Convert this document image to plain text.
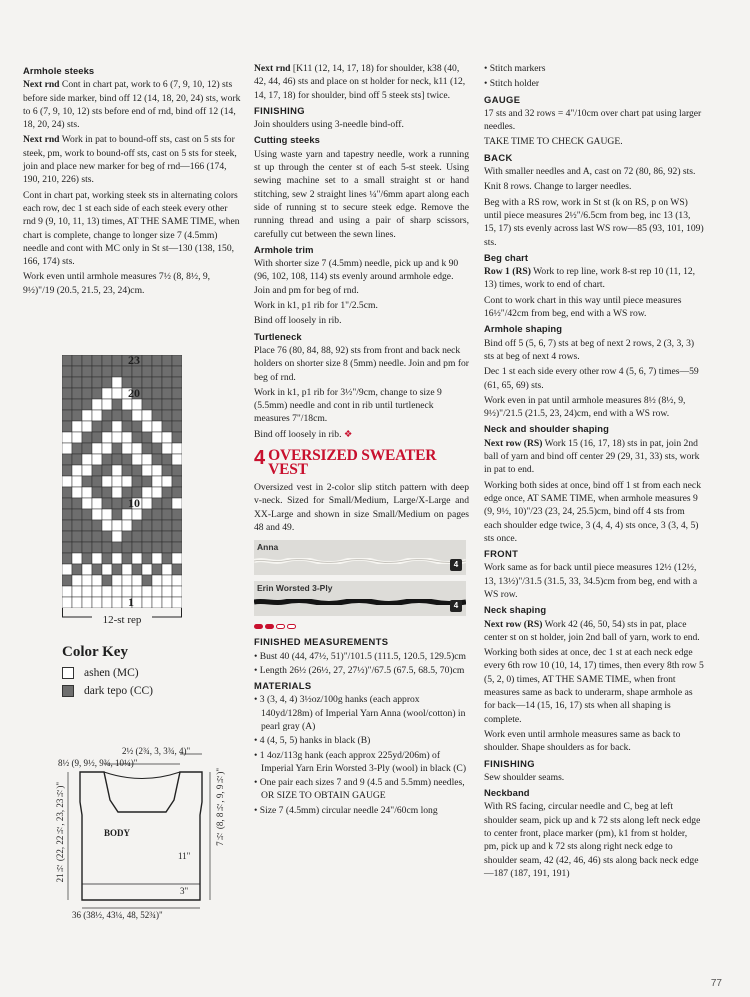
Armhole steeks

Next rnd Cont in chart pat, work to 6 (7, 9, 10, 12) sts before side marker, bind off 12 (14, 18, 20, 24) sts, work to 6 (7, 9, 10, 12) sts before end of rnd, bind off 12 (14, 18, 20, 24) sts.

Next rnd Work in pat to bound-off sts, cast on 5 sts for steek, pm, work to bound-off sts, cast on 5 sts for steek, join and place new marker for beg of rnd—166 (174, 190, 210, 226) sts.

Cont in chart pat, working steek sts in alternating colors each row, dec 1 st each side of each steek every other rnd 9 (9, 10, 11, 13) times, AT THE SAME TIME, when chart is complete, change to longer size 7 (4.5mm) needle and cont with MC only in St st—130 (138, 150, 166, 174) sts.

Work even until armhole measures 7½ (8, 8½, 9, 9½)"/19 (20.5, 21.5, 23, 24)cm.

23
20
10
1
12-st rep
Color Key
ashen (MC)
dark tepo (CC)
2½ (2¾, 3, 3¾, 4)"
8½ (9, 9½, 9¾, 10¼)"
21½ (22, 22½, 23, 23½)"	7½ (8, 8½, 9, 9½)"
11"
3"
BODY
36 (38½, 43¼, 48, 52¾)"

Next rnd [K11 (12, 14, 17, 18) for shoulder, k38 (40, 42, 44, 46) sts and place on st holder for neck, k11 (12, 14, 17, 18) for shoulder, bind off 5 steek sts] twice.

FINISHING

Join shoulders using 3-needle bind-off.

Cutting steeks

Using waste yarn and tapestry needle, work a running st up through the center st of each 5-st steek. Using sewing machine set to a small straight st or hand stitching, sew 2 straight lines ¼"/6mm apart along each side of running st to secure steek edge. Remove the running thread and using a pair of sharp scissors, carefully cut between the sewn lines.

Armhole trim

With shorter size 7 (4.5mm) needle, pick up and k 90 (96, 102, 108, 114) sts evenly around armhole edge. Join and pm for beg of rnd.

Work in k1, p1 rib for 1"/2.5cm.

Bind off loosely in rib.

Turtleneck

Place 76 (80, 84, 88, 92) sts from front and back neck holders on shorter size 8 (5mm) needle. Join and pm for beg of rnd.

Work in k1, p1 rib for 3½"/9cm, change to size 9 (5.5mm) needle and cont in rib until turtleneck measures 7"/18cm.

Bind off loosely in rib. ❖

4 OVERSIZED SWEATER VEST

Oversized vest in 2-color slip stitch pattern with deep v-neck. Sized for Small/Medium, Large/X-Large and XX-Large and shown in size Small/Medium on pages 48 and 49.

Anna
4
Erin Worsted 3-Ply
4
FINISHED MEASUREMENTS
• Bust 40 (44, 47½, 51)"/101.5 (111.5, 120.5, 129.5)cm
• Length 26½ (26½, 27, 27½)"/67.5 (67.5, 68.5, 70)cm
MATERIALS
• 3 (3, 4, 4) 3½oz/100g hanks (each approx 140yd/128m) of Imperial Yarn Anna (wool/cotton) in pearl gray (A)
• 4 (4, 5, 5) hanks in black (B)
• 1 4oz/113g hank (each approx 225yd/206m) of Imperial Yarn Erin Worsted 3-Ply (wool) in black (C)
• One pair each sizes 7 and 9 (4.5 and 5.5mm) needles, OR SIZE TO OBTAIN GAUGE
• Size 7 (4.5mm) circular needle 24"/60cm long

• Stitch markers

• Stitch holder

GAUGE

17 sts and 32 rows = 4"/10cm over chart pat using larger needles.

TAKE TIME TO CHECK GAUGE.

BACK

With smaller needles and A, cast on 72 (80, 86, 92) sts.

Knit 8 rows. Change to larger needles.

Beg with a RS row, work in St st (k on RS, p on WS) until piece measures 2½"/6.5cm from beg, inc 13 (13, 15, 17) sts evenly across last WS row—85 (93, 101, 109) sts.

Beg chart

Row 1 (RS) Work to rep line, work 8-st rep 10 (11, 12, 13) times, work to end of chart.

Cont to work chart in this way until piece measures 16½"/42cm from beg, end with a WS row.

Armhole shaping

Bind off 5 (5, 6, 7) sts at beg of next 2 rows, 2 (3, 3, 3) sts at beg of next 4 rows.

Dec 1 st each side every other row 4 (5, 6, 7) times—59 (61, 65, 69) sts.

Work even in pat until armhole measures 8½ (8½, 9, 9½)"/21.5 (21.5, 23, 24)cm, end with a WS row.

Neck and shoulder shaping

Next row (RS) Work 15 (16, 17, 18) sts in pat, join 2nd ball of yarn and bind off center 29 (29, 31, 33) sts, work in pat to end.

Working both sides at once, bind off 1 st from each neck edge once, AT SAME TIME, when armhole measures 9 (9, 9½, 10)"/23 (23, 24, 25.5)cm, bind off 4 sts from each shoulder edge twice, 3 (4, 4, 4) sts once, 3 (3, 4, 5) sts once.

FRONT

Work same as for back until piece measures 12½ (12½, 13, 13½)"/31.5 (31.5, 33, 34.5)cm from beg, end with a WS row.

Neck shaping

Next row (RS) Work 42 (46, 50, 54) sts in pat, place center st on st holder, join 2nd ball of yarn, work to end.

Working both sides at once, dec 1 st at each neck edge every 6th row 10 (10, 14, 17) times, then every 8th row 5 (5, 2, 0) times, AT THE SAME TIME, when front measures same as back to underarm, shape armhole as for back—14 (15, 16, 17) sts when all shaping is complete.

Work even until armhole measures same as back to shoulder. Shape shoulders as for back.

FINISHING

Sew shoulder seams.

Neckband

With RS facing, circular needle and C, beg at left shoulder seam, pick up and k 72 sts along left neck edge to center front, place marker (pm), k1 from st holder, pm, pick up and k 72 sts along right neck edge to shoulder seam, 42 (42, 46, 46) sts along back neck edge—187 (187, 191, 191)

77
